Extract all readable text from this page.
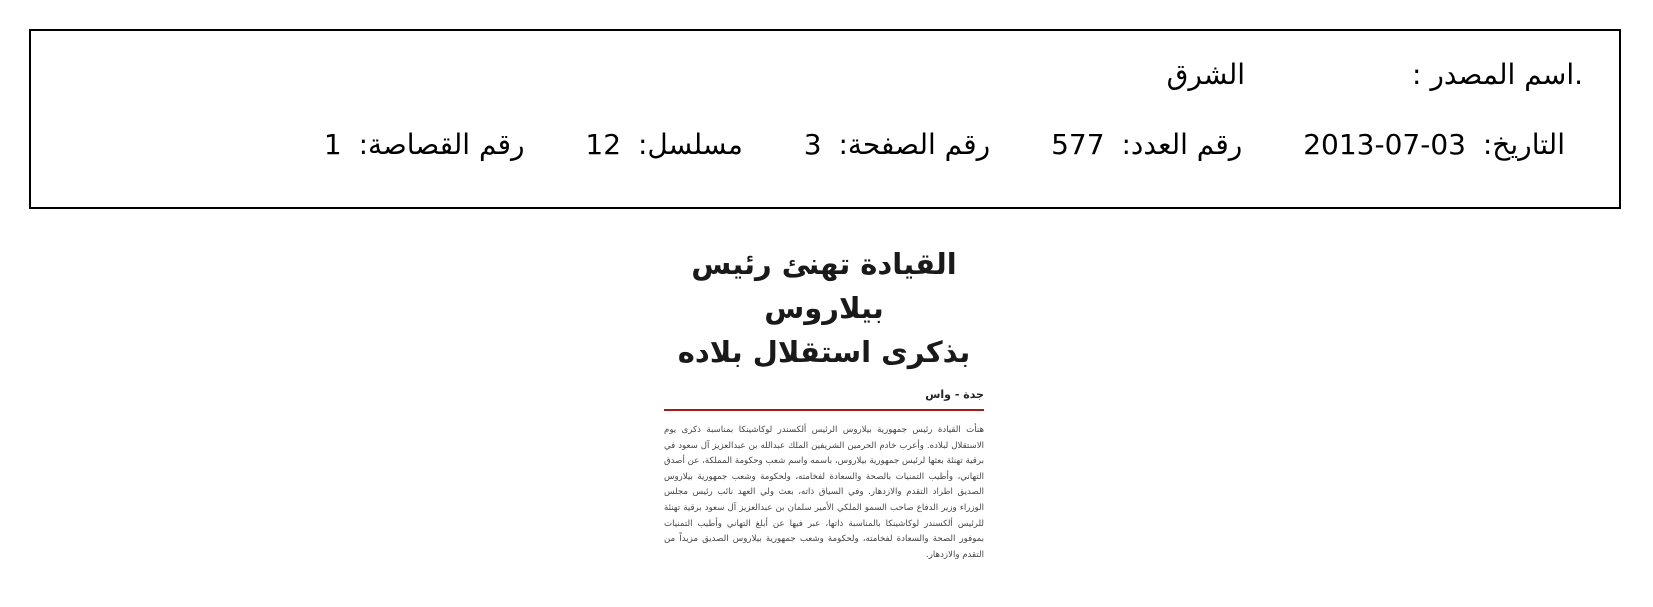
.اسم المصدر : الشرق
التاريخ: 2013-07-03 رقم العدد: 577 رقم الصفحة: 3 مسلسل: 12 رقم القصاصة: 1
القيادة تهنئ رئيس بيلاروس
بذكرى استقلال بلاده
جدة - واس
هنأت القيادة رئيس جمهورية بيلاروس الرئيس ألكسندر لوكاشينكا بمناسبة ذكرى يوم الاستقلال لبلاده. وأعرب خادم الحرمين الشريفين الملك عبدالله بن عبدالعزيز آل سعود في برقية تهنئة بعثها لرئيس جمهورية بيلاروس، باسمه واسم شعب وحكومة المملكة، عن أصدق التهاني، وأطيب التمنيات بالصحة والسعادة لفخامته، ولحكومة وشعب جمهورية بيلاروس الصديق اطراد التقدم والازدهار. وفي السياق ذاته، بعث ولي العهد نائب رئيس مجلس الوزراء وزير الدفاع صاحب السمو الملكي الأمير سلمان بن عبدالعزيز آل سعود برقية تهنئة للرئيس ألكسندر لوكاشينكا بالمناسبة ذاتها، عبر فيها عن أبلغ التهاني وأطيب التمنيات بموفور الصحة والسعادة لفخامته، ولحكومة وشعب جمهورية بيلاروس الصديق مزيداً من التقدم والازدهار.
